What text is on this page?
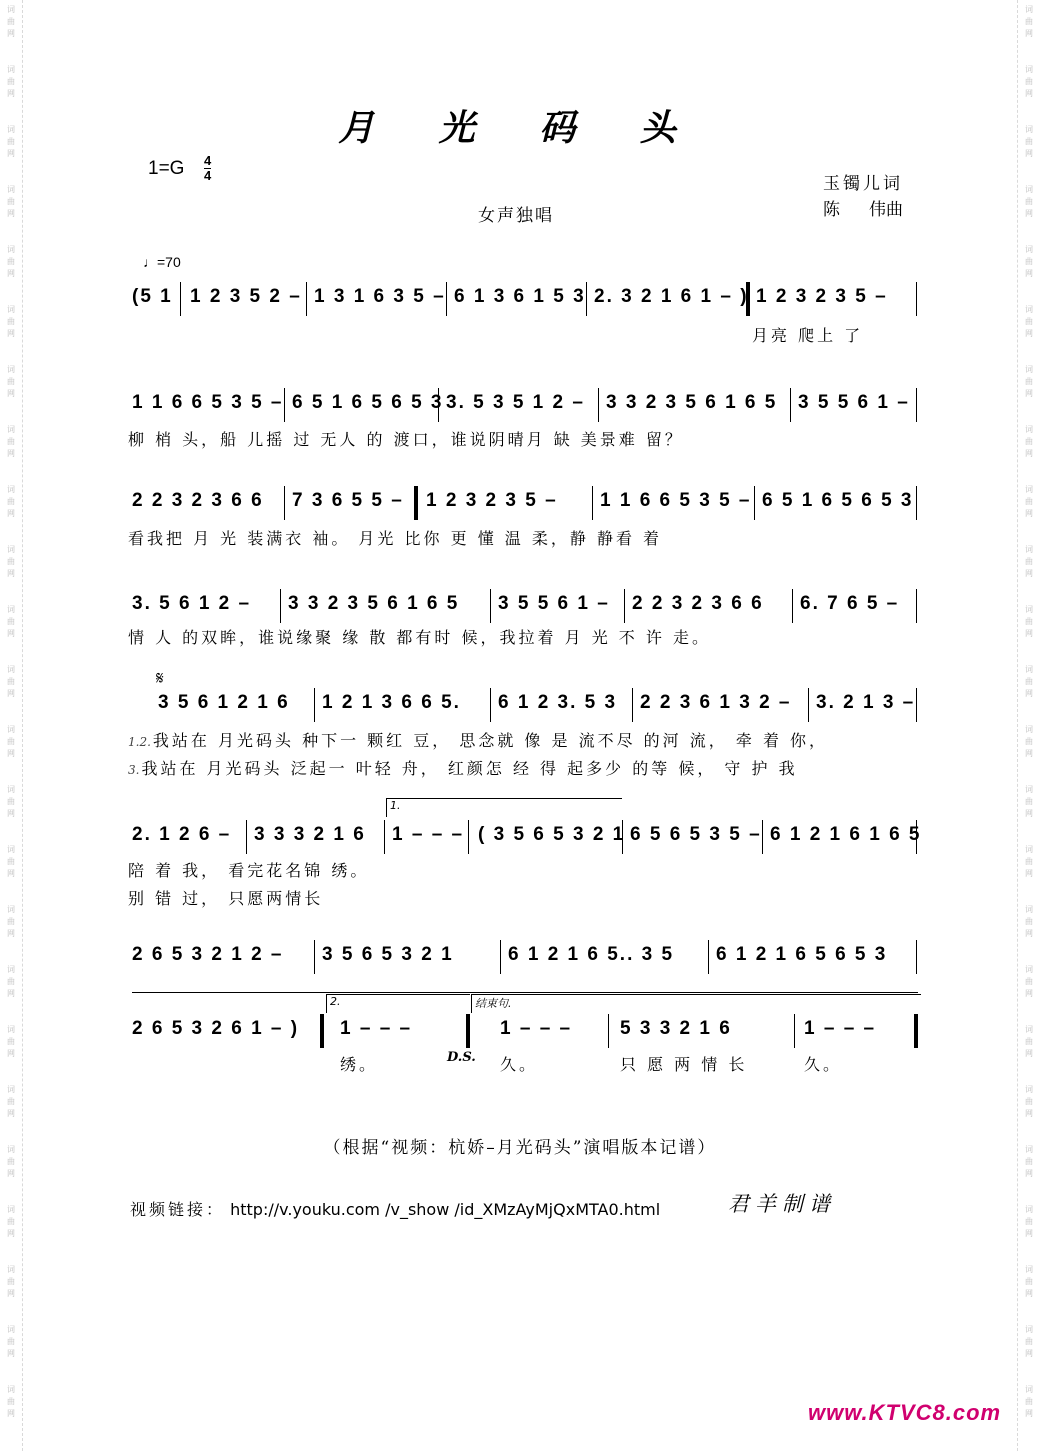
词
曲
网
词
曲
网
词
曲
网
词
曲
网
词
曲
网
词
曲
网
词
曲
网
词
曲
网
词
曲
网
词
曲
网
词
曲
网
词
曲
网
词
曲
网
词
曲
网
词
曲
网
词
曲
网
词
曲
网
词
曲
网
词
曲
网
词
曲
网
词
曲
网
词
曲
网
词
曲
网
词
曲
网
词
曲
网
词
曲
网
词
曲
网
词
曲
网
词
曲
网
词
曲
网
词
曲
网
词
曲
网
词
曲
网
词
曲
网
词
曲
网
词
曲
网
词
曲
网
词
曲
网
词
曲
网
词
曲
网
词
曲
网
词
曲
网
词
曲
网
词
曲
网
词
曲
网
词
曲
网
词
曲
网
词
曲
网
月 光 码 头
1=G 4
4
女声独唱
玉镯儿词
陈 伟曲
♩=70
(5 1 1 2 3 5 2 – 1 3 1 6 3 5 – 6 1 3 6 1 5 3 2. 3 2 1 6 1 – ) 1 2 3 2 3 5 –
月亮 爬上 了
1 1 6 6 5 3 5 – 6 5 1 6 5 6 5 3 3. 5 3 5 1 2 – 3 3 2 3 5 6 1 6 5 3 5 5 6 1 –
柳 梢 头，船 儿摇 过 无人 的 渡口，谁说阴晴月 缺 美景难 留？
2 2 3 2 3 6 6 7 3 6 5 5 – 1 2 3 2 3 5 – 1 1 6 6 5 3 5 – 6 5 1 6 5 6 5 3
看我把 月 光 装满衣 袖。 月光 比你 更 懂 温 柔，静 静看 着
3. 5 6 1 2 – 3 3 2 3 5 6 1 6 5 3 5 5 6 1 – 2 2 3 2 3 6 6 6. 7 6 5 –
情 人 的双眸，谁说缘聚 缘 散 都有时 候，我拉着 月 光 不 许 走。
𝄋
3 5 6 1 2 1 6 1 2 1 3 6 6 5. 6 1 2 3. 5 3 2 2 3 6 1 3 2 – 3. 2 1 3 –
1.2. 我站在 月光码头 种下一 颗红 豆， 思念就 像 是 流不尽 的河 流， 牵 着 你，
3. 我站在 月光码头 泛起一 叶轻 舟， 红颜怎 经 得 起多少 的等 候， 守 护 我
1.
2. 1 2 6 – 3 3 3 2 1 6 1 – – – ( 3 5 6 5 3 2 1 6 5 6 5 3 5 – 6 1 2 1 6 1 6 5
陪 着 我， 看完花名锦 绣。
别 错 过， 只愿两情长
2 6 5 3 2 1 2 – 3 5 6 5 3 2 1	6 1 2 1 6 5.. 3 5 6 1 2 1 6 5 6 5 3
2.	结束句.
2 6 5 3 2 6 1 – ) 1 – – –	1 – – –	5 3 3 2 1 6	1 – – –
绣。	D.S. 久。	只 愿 两 情 长	久。
（根据“视频：杭娇–月光码头”演唱版本记谱）
视频链接： http://v.youku.com /v_show /id_XMzAyMjQxMTA0.html	君羊制谱
www.KTVC8.com
